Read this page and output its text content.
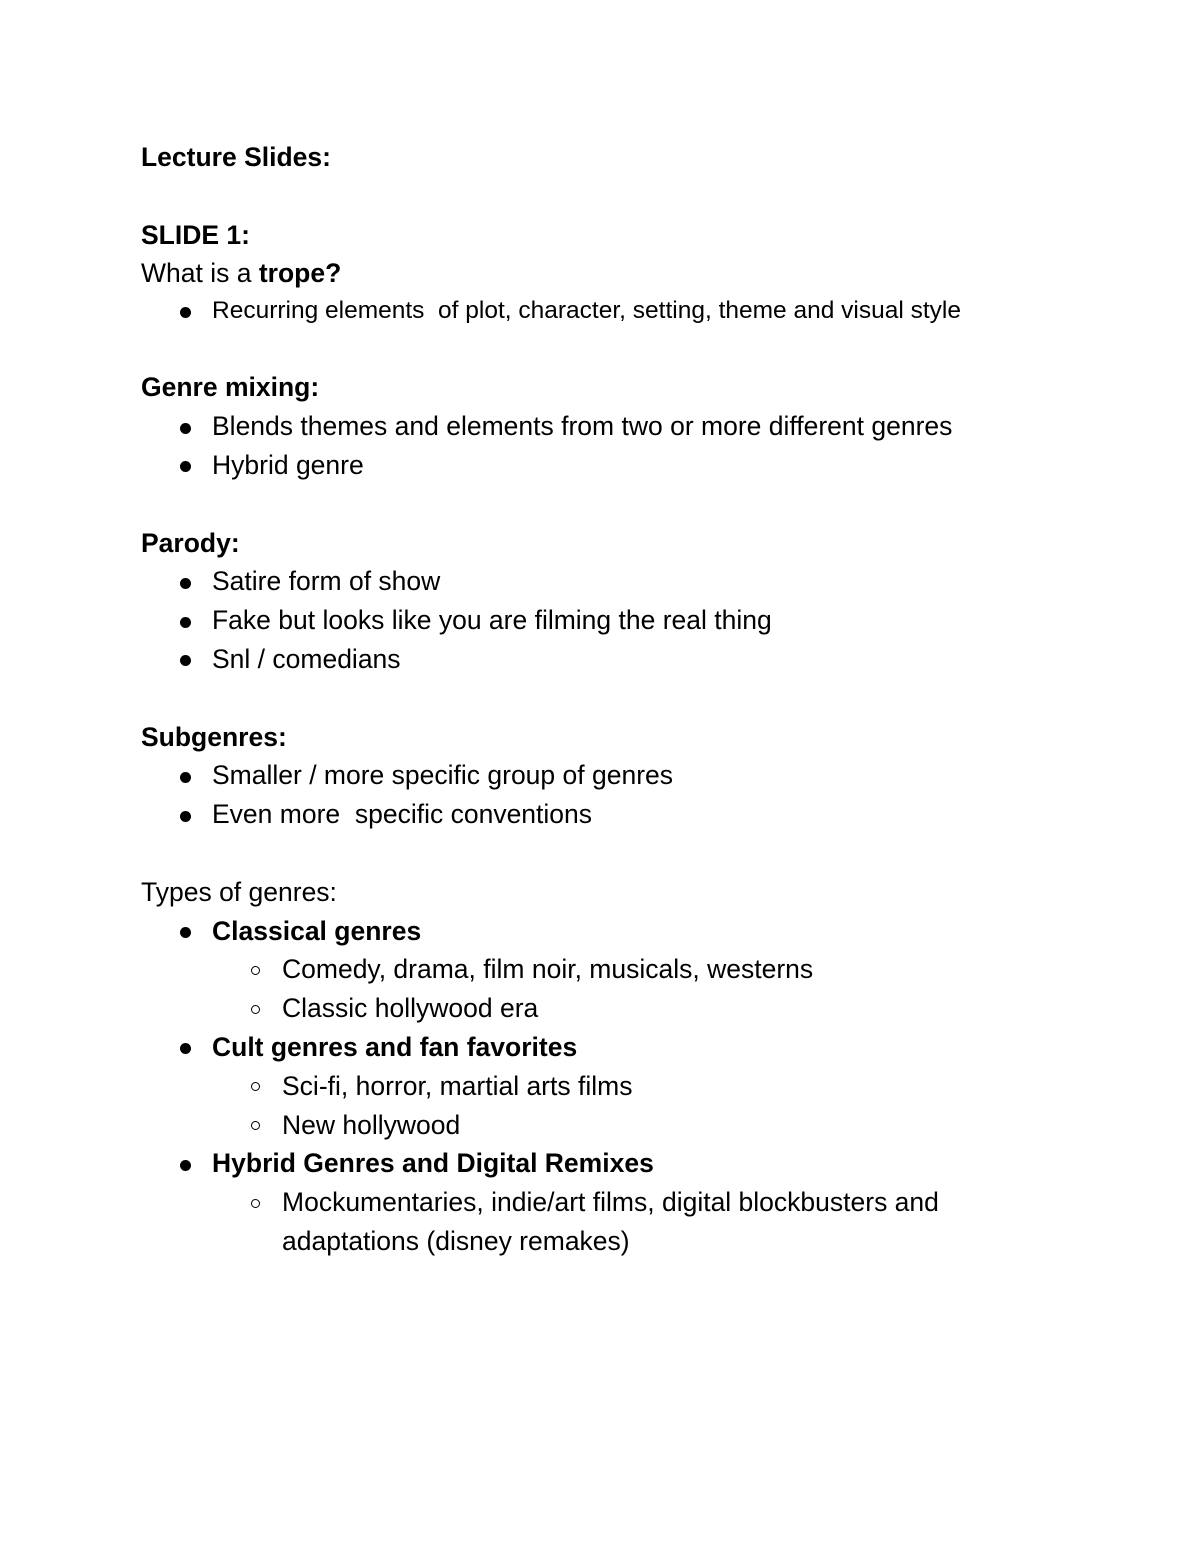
Lecture Slides:
SLIDE 1:
What is a trope?
Recurring elements  of plot, character, setting, theme and visual style
Genre mixing:
Blends themes and elements from two or more different genres
Hybrid genre
Parody:
Satire form of show
Fake but looks like you are filming the real thing
Snl / comedians
Subgenres:
Smaller / more specific group of genres
Even more  specific conventions
Types of genres:
Classical genres
Comedy, drama, film noir, musicals, westerns
Classic hollywood era
Cult genres and fan favorites
Sci-fi, horror, martial arts films
New hollywood
Hybrid Genres and Digital Remixes
Mockumentaries, indie/art films, digital blockbusters and
adaptations (disney remakes)
